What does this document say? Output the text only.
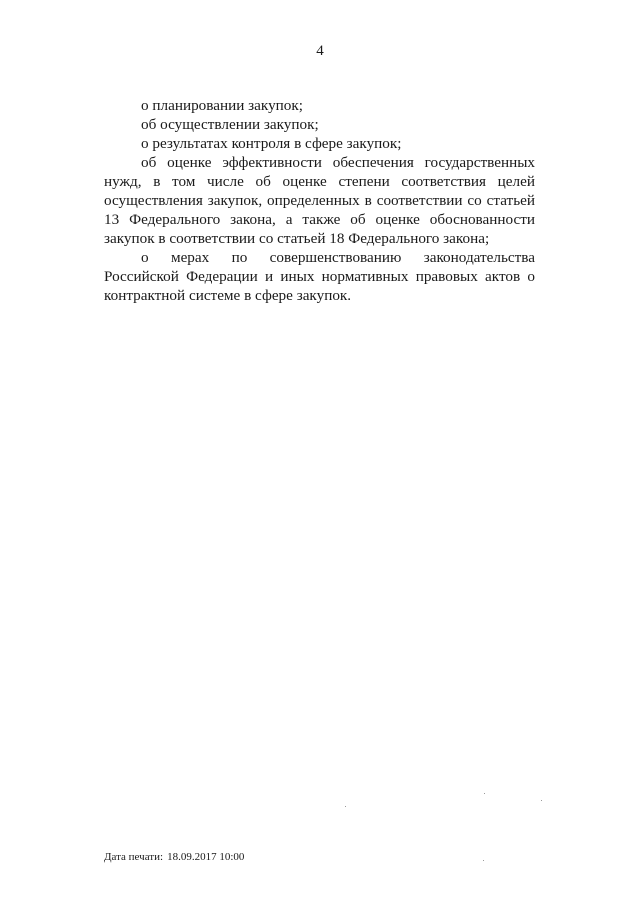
4

о планировании закупок;

об осуществлении закупок;

о результатах контроля в сфере закупок;

об оценке эффективности обеспечения государственных нужд, в том числе об оценке степени соответствия целей осуществления закупок, определенных в соответствии со статьей 13 Федерального закона, а также об оценке обоснованности закупок в соответствии со статьей 18 Федерального закона;

о мерах по совершенствованию законодательства Российской Федерации и иных нормативных правовых актов о контрактной системе в сфере закупок.

Дата печати: 18.09.2017 10:00
